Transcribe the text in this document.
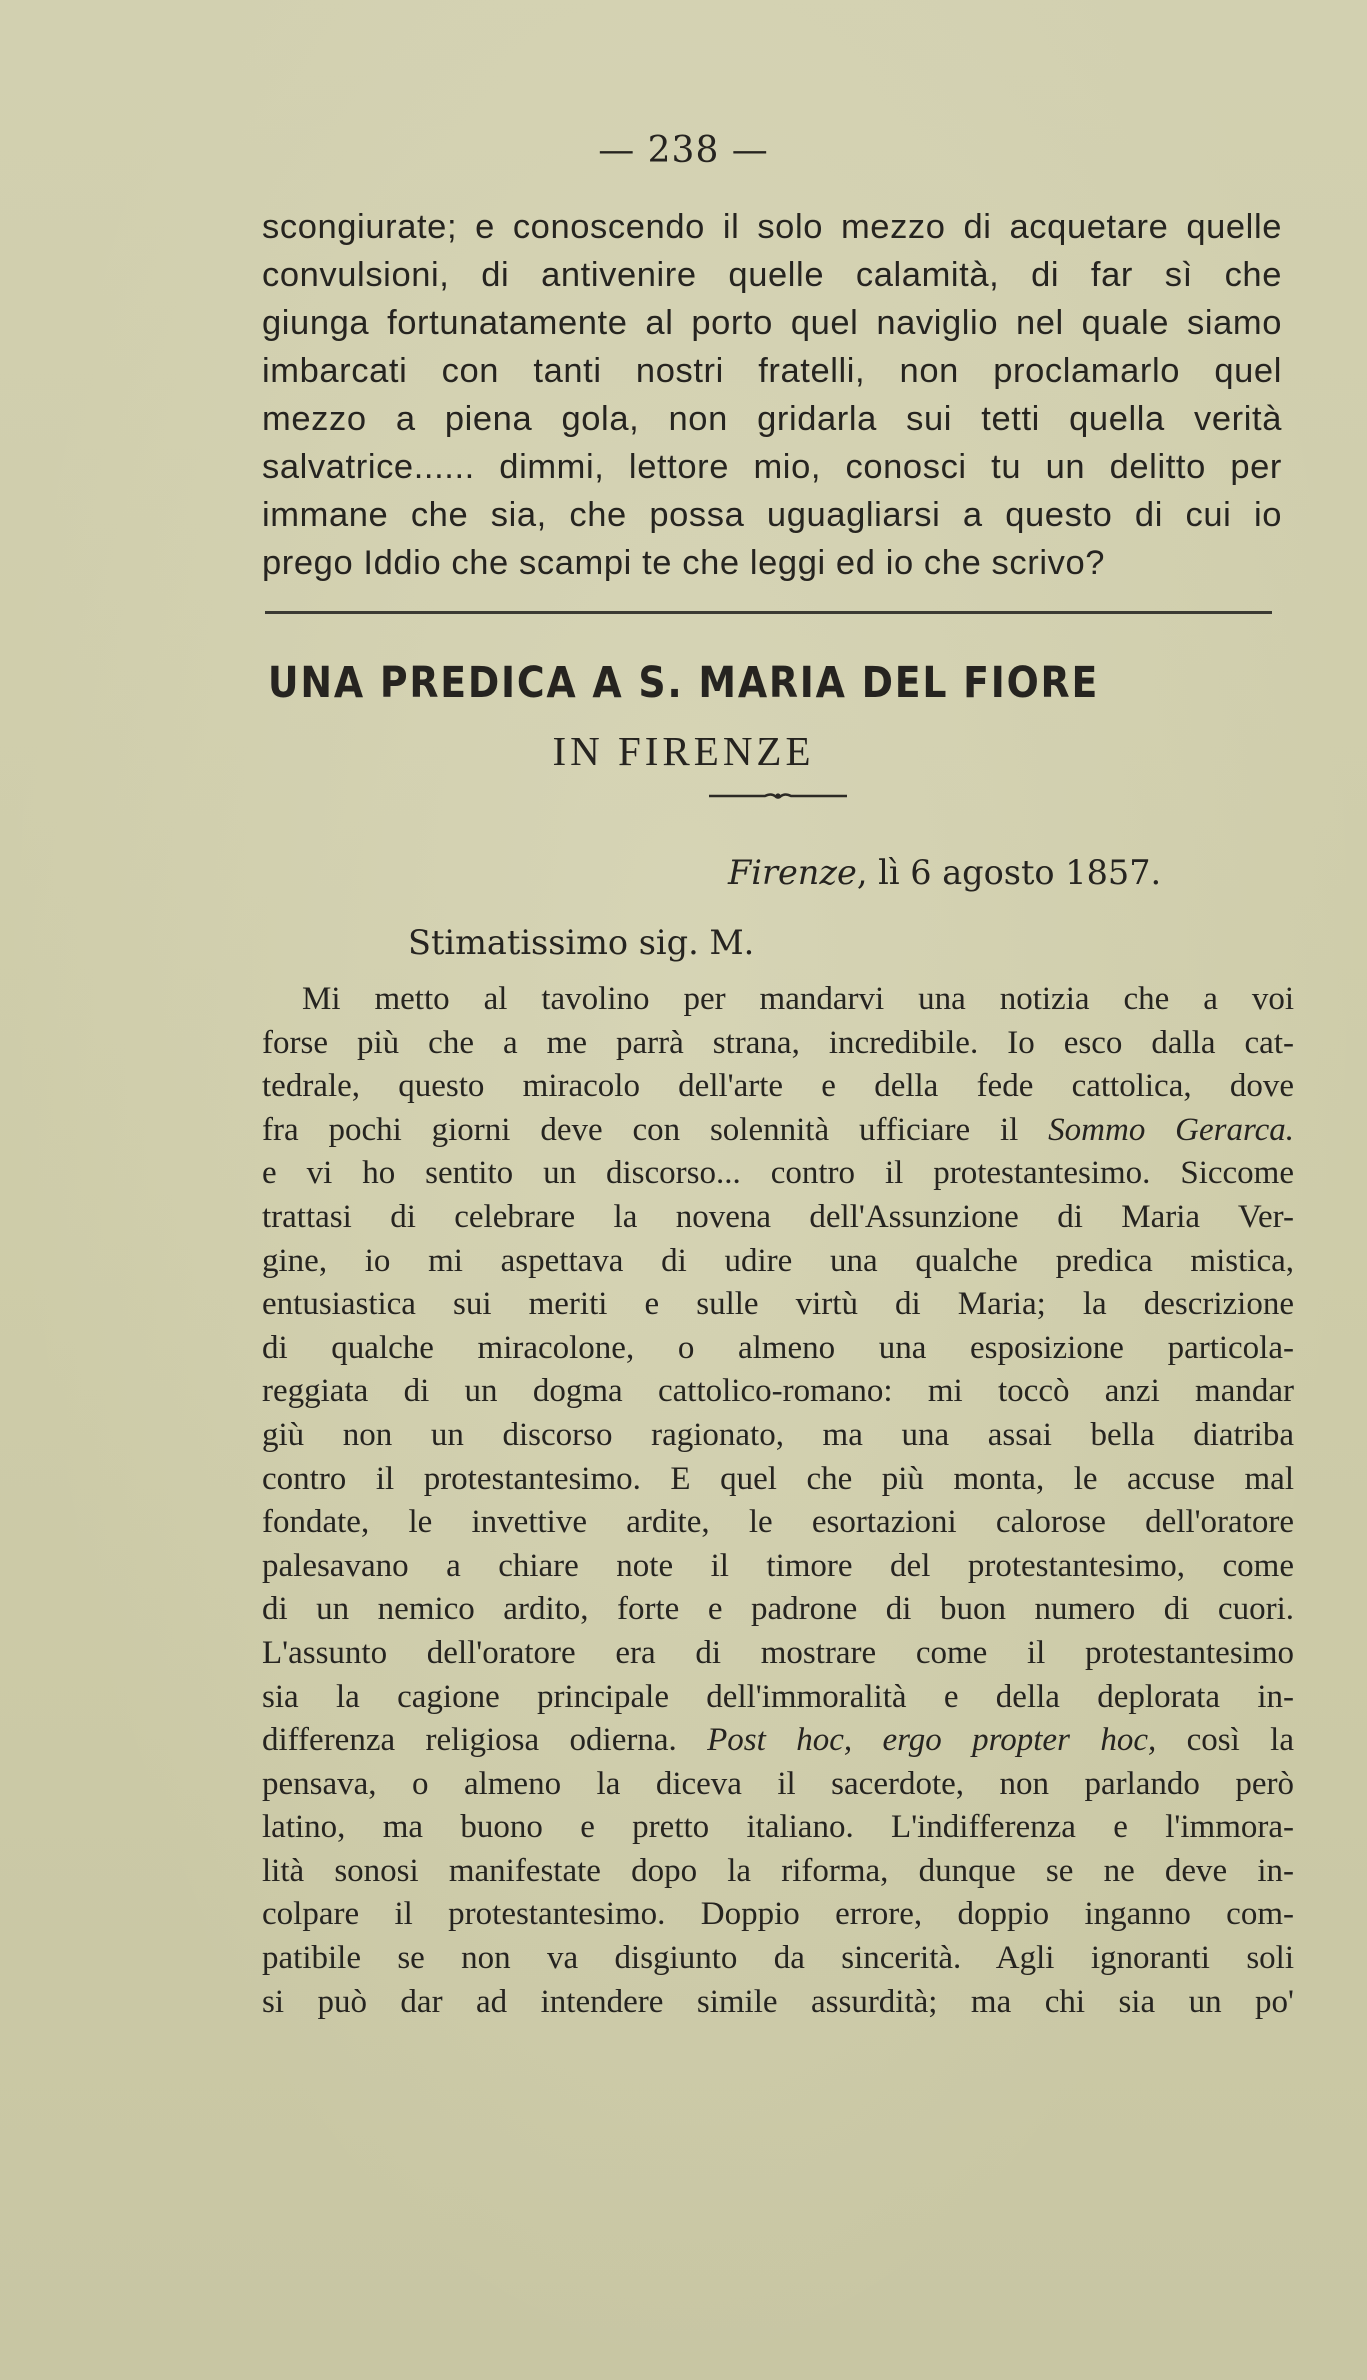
— 238 —
scongiurate; e conoscendo il solo mezzo di acquetare quelle
convulsioni, di antivenire quelle calamità, di far sì che
giunga fortunatamente al porto quel naviglio nel quale siamo
imbarcati con tanti nostri fratelli, non proclamarlo quel
mezzo a piena gola, non gridarla sui tetti quella verità
salvatrice...... dimmi, lettore mio, conosci tu un delitto per
immane che sia, che possa uguagliarsi a questo di cui io
prego Iddio che scampi te che leggi ed io che scrivo?
UNA PREDICA A S. MARIA DEL FIORE
IN FIRENZE
Firenze, lì 6 agosto 1857.
Stimatissimo sig. M.
Mi metto al tavolino per mandarvi una notizia che a voi
forse più che a me parrà strana, incredibile. Io esco dalla cat-
tedrale, questo miracolo dell'arte e della fede cattolica, dove
fra pochi giorni deve con solennità ufficiare il Sommo Gerarca.
e vi ho sentito un discorso... contro il protestantesimo. Siccome
trattasi di celebrare la novena dell'Assunzione di Maria Ver-
gine, io mi aspettava di udire una qualche predica mistica,
entusiastica sui meriti e sulle virtù di Maria; la descrizione
di qualche miracolone, o almeno una esposizione particola-
reggiata di un dogma cattolico-romano: mi toccò anzi mandar
giù non un discorso ragionato, ma una assai bella diatriba
contro il protestantesimo. E quel che più monta, le accuse mal
fondate, le invettive ardite, le esortazioni calorose dell'oratore
palesavano a chiare note il timore del protestantesimo, come
di un nemico ardito, forte e padrone di buon numero di cuori.
L'assunto dell'oratore era di mostrare come il protestantesimo
sia la cagione principale dell'immoralità e della deplorata in-
differenza religiosa odierna. Post hoc, ergo propter hoc, così la
pensava, o almeno la diceva il sacerdote, non parlando però
latino, ma buono e pretto italiano. L'indifferenza e l'immora-
lità sonosi manifestate dopo la riforma, dunque se ne deve in-
colpare il protestantesimo. Doppio errore, doppio inganno com-
patibile se non va disgiunto da sincerità. Agli ignoranti soli
si può dar ad intendere simile assurdità; ma chi sia un po'
